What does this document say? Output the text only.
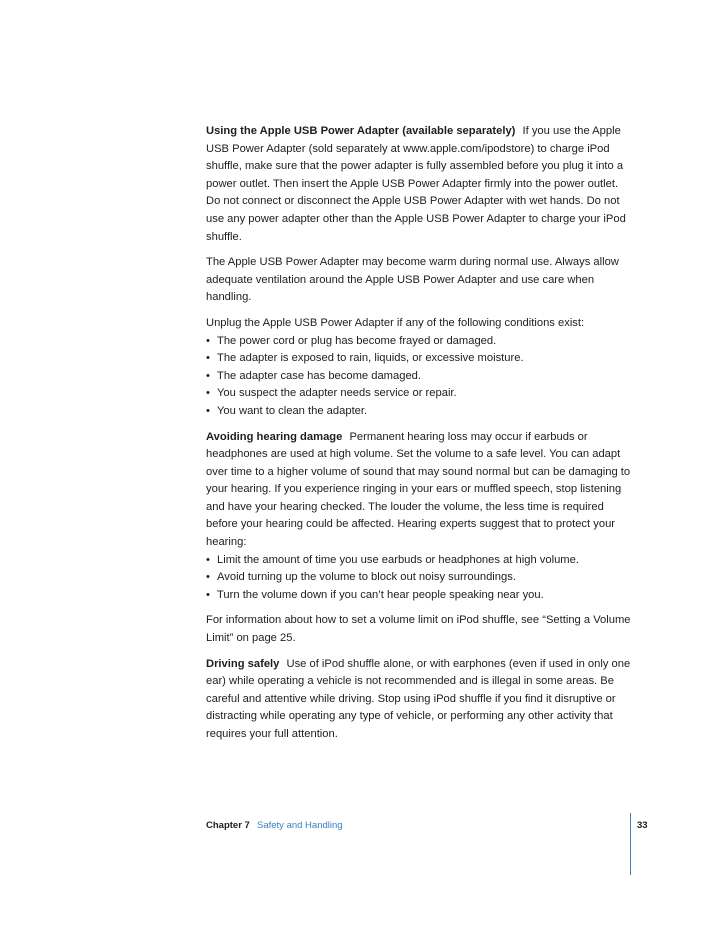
Using the Apple USB Power Adapter (available separately) If you use the Apple USB Power Adapter (sold separately at www.apple.com/ipodstore) to charge iPod shuffle, make sure that the power adapter is fully assembled before you plug it into a power outlet. Then insert the Apple USB Power Adapter firmly into the power outlet. Do not connect or disconnect the Apple USB Power Adapter with wet hands. Do not use any power adapter other than the Apple USB Power Adapter to charge your iPod shuffle.

The Apple USB Power Adapter may become warm during normal use. Always allow adequate ventilation around the Apple USB Power Adapter and use care when handling.

Unplug the Apple USB Power Adapter if any of the following conditions exist:

• The power cord or plug has become frayed or damaged.
• The adapter is exposed to rain, liquids, or excessive moisture.
• The adapter case has become damaged.
• You suspect the adapter needs service or repair.
• You want to clean the adapter.

Avoiding hearing damage Permanent hearing loss may occur if earbuds or headphones are used at high volume. Set the volume to a safe level. You can adapt over time to a higher volume of sound that may sound normal but can be damaging to your hearing. If you experience ringing in your ears or muffled speech, stop listening and have your hearing checked. The louder the volume, the less time is required before your hearing could be affected. Hearing experts suggest that to protect your hearing:

• Limit the amount of time you use earbuds or headphones at high volume.
• Avoid turning up the volume to block out noisy surroundings.
• Turn the volume down if you can’t hear people speaking near you.

For information about how to set a volume limit on iPod shuffle, see “Setting a Volume Limit” on page 25.

Driving safely Use of iPod shuffle alone, or with earphones (even if used in only one ear) while operating a vehicle is not recommended and is illegal in some areas. Be careful and attentive while driving. Stop using iPod shuffle if you find it disruptive or distracting while operating any type of vehicle, or performing any other activity that requires your full attention.

Chapter 7 Safety and Handling	33
